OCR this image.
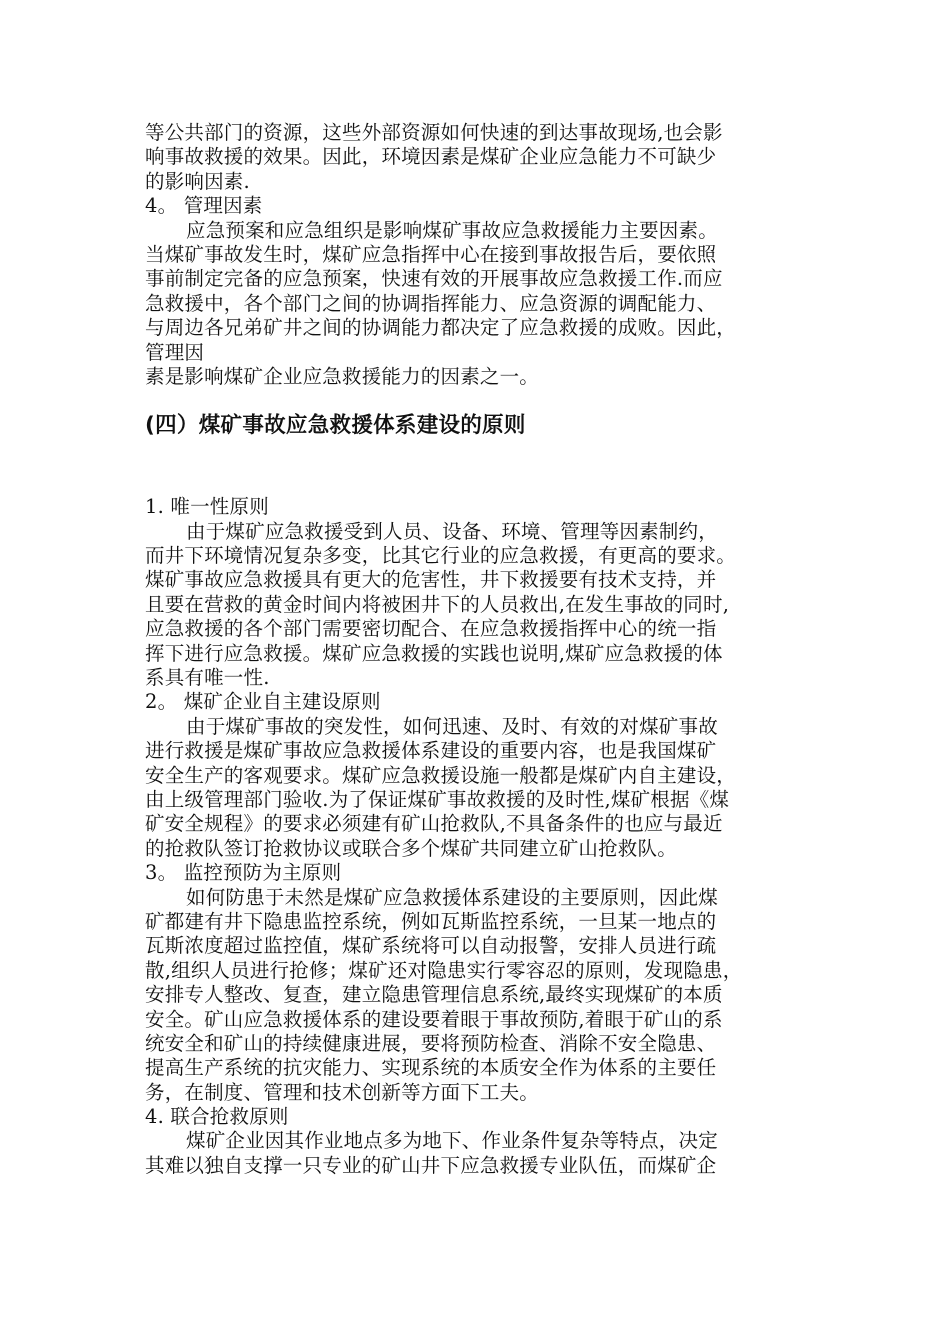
等公共部门的资源，这些外部资源如何快速的到达事故现场,也会影
响事故救援的效果。因此，环境因素是煤矿企业应急能力不可缺少
的影响因素.
4。 管理因素
应急预案和应急组织是影响煤矿事故应急救援能力主要因素。
当煤矿事故发生时，煤矿应急指挥中心在接到事故报告后，要依照
事前制定完备的应急预案，快速有效的开展事故应急救援工作.而应
急救援中，各个部门之间的协调指挥能力、应急资源的调配能力、
与周边各兄弟矿井之间的协调能力都决定了应急救援的成败。因此，
管理因
素是影响煤矿企业应急救援能力的因素之一。
(四）煤矿事故应急救援体系建设的原则
1. 唯一性原则
由于煤矿应急救援受到人员、设备、环境、管理等因素制约，
而井下环境情况复杂多变，比其它行业的应急救援，有更高的要求。
煤矿事故应急救援具有更大的危害性，井下救援要有技术支持，并
且要在营救的黄金时间内将被困井下的人员救出,在发生事故的同时,
应急救援的各个部门需要密切配合、在应急救援指挥中心的统一指
挥下进行应急救援。煤矿应急救援的实践也说明,煤矿应急救援的体
系具有唯一性.
2。 煤矿企业自主建设原则
由于煤矿事故的突发性，如何迅速、及时、有效的对煤矿事故
进行救援是煤矿事故应急救援体系建设的重要内容，也是我国煤矿
安全生产的客观要求。煤矿应急救援设施一般都是煤矿内自主建设，
由上级管理部门验收.为了保证煤矿事故救援的及时性,煤矿根据《煤
矿安全规程》的要求必须建有矿山抢救队,不具备条件的也应与最近
的抢救队签订抢救协议或联合多个煤矿共同建立矿山抢救队。
3。 监控预防为主原则
如何防患于未然是煤矿应急救援体系建设的主要原则，因此煤
矿都建有井下隐患监控系统，例如瓦斯监控系统，一旦某一地点的
瓦斯浓度超过监控值，煤矿系统将可以自动报警，安排人员进行疏
散,组织人员进行抢修；煤矿还对隐患实行零容忍的原则，发现隐患，
安排专人整改、复查，建立隐患管理信息系统,最终实现煤矿的本质
安全。矿山应急救援体系的建设要着眼于事故预防,着眼于矿山的系
统安全和矿山的持续健康进展，要将预防检查、消除不安全隐患、
提高生产系统的抗灾能力、实现系统的本质安全作为体系的主要任
务，在制度、管理和技术创新等方面下工夫。
4. 联合抢救原则
煤矿企业因其作业地点多为地下、作业条件复杂等特点，决定
其难以独自支撑一只专业的矿山井下应急救援专业队伍，而煤矿企
